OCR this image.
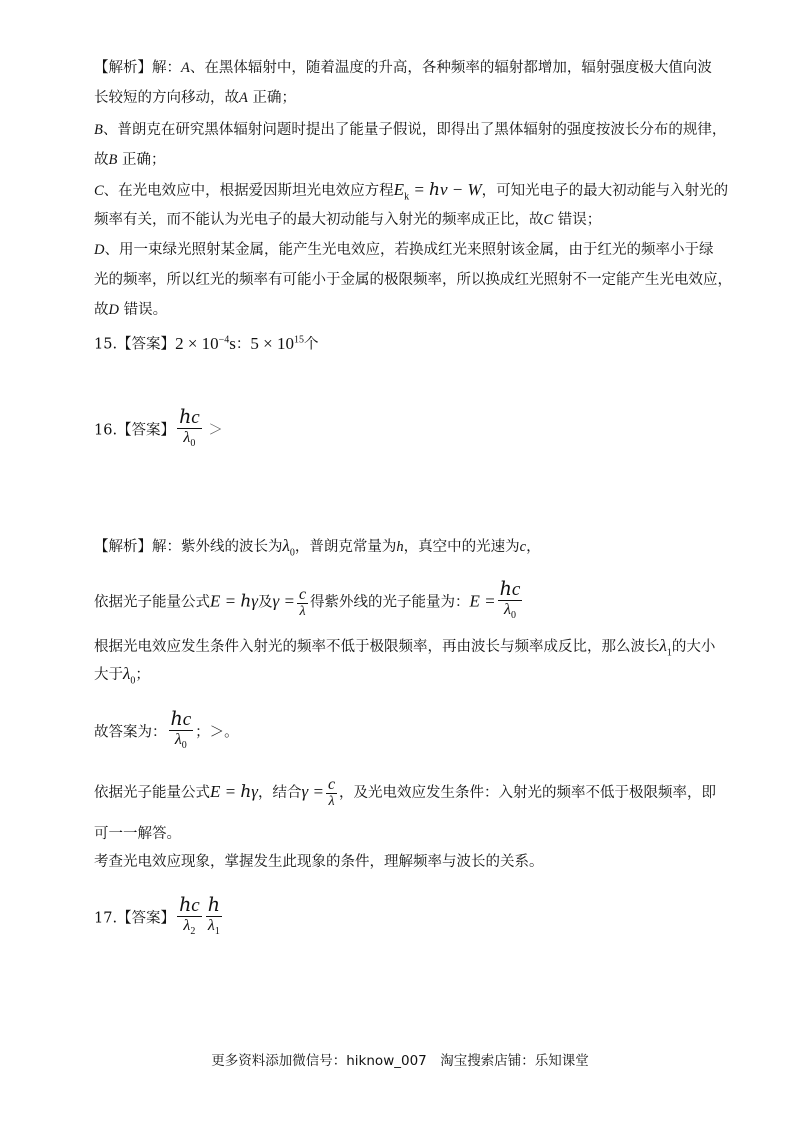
【解析】解：A、在黑体辐射中，随着温度的升高，各种频率的辐射都增加，辐射强度极大值向波
长较短的方向移动，故A 正确；
B、普朗克在研究黑体辐射问题时提出了能量子假说，即得出了黑体辐射的强度按波长分布的规律，
故B 正确；
C、在光电效应中，根据爱因斯坦光电效应方程$E_k$ = ℎν − W，可知光电子的最大初动能与入射光的
频率有关，而不能认为光电子的最大初动能与入射光的频率成正比，故C 错误；
D、用一束绿光照射某金属，能产生光电效应，若换成红光来照射该金属，由于红光的频率小于绿
光的频率，所以红光的频率有可能小于金属的极限频率，所以换成红光照射不一定能产生光电效应，
故D 错误。
15.【答案】$2 \times 10^{-4}s$：$5 \times 10^{15}$个
16.【答案】 $\frac{\text{ℎc}}{\lambda_0}$ ＞
【解析】解：紫外线的波长为$\lambda_0$，普朗克常量为h，真空中的光速为c，
依据光子能量公式E = ℎγ及$\gamma = \frac{c}{\lambda}$ 得紫外线的光子能量为：$E = \frac{\text{ℎc}}{\lambda_0}$
根据光电效应发生条件入射光的频率不低于极限频率，再由波长与频率成反比，那么波长$\lambda_1$的大小
大于$\lambda_0$；
故答案为： $\frac{\text{ℎc}}{\lambda_0}$ ；＞。
依据光子能量公式E = ℎγ，结合$\gamma = \frac{c}{\lambda}$ ，及光电效应发生条件：入射光的频率不低于极限频率，即
可一一解答。
考查光电效应现象，掌握发生此现象的条件，理解频率与波长的关系。
17.【答案】 $\frac{\text{ℎc}}{\lambda_2} \frac{\text{ℎ}}{\lambda_1}$
更多资料添加微信号：hiknow_007　淘宝搜索店铺：乐知课堂
